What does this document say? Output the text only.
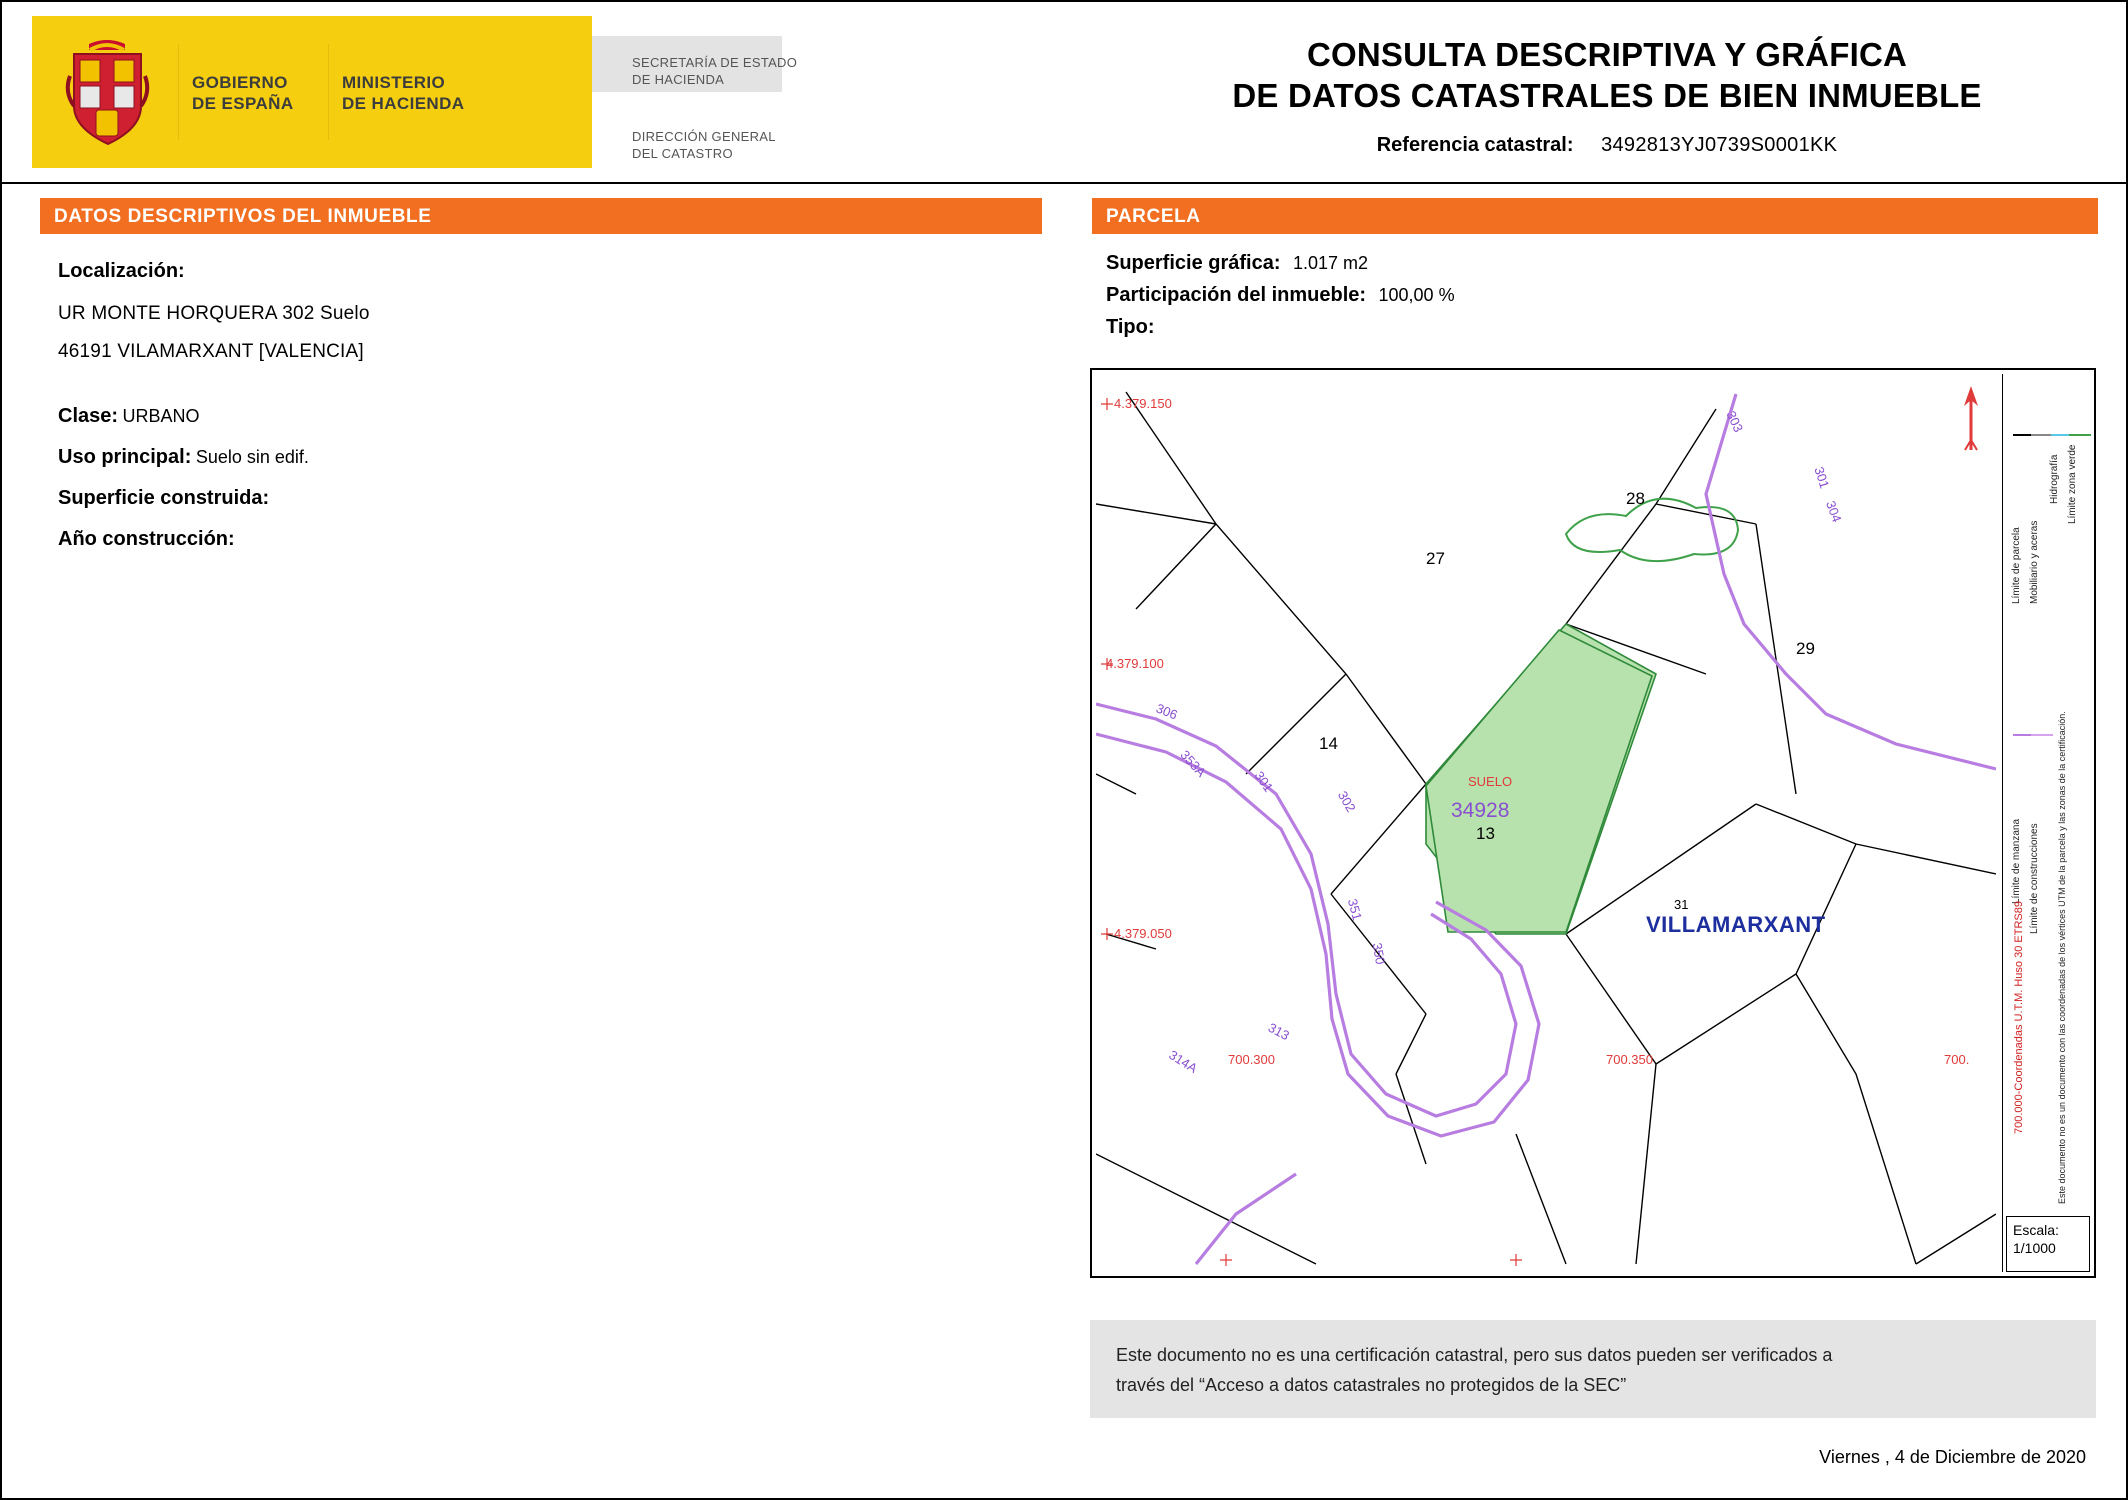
GOBIERNO
DE ESPAÑA
MINISTERIO
DE HACIENDA
SECRETARÍA DE ESTADO
DE HACIENDA
DIRECCIÓN GENERAL
DEL CATASTRO
CONSULTA DESCRIPTIVA Y GRÁFICA
DE DATOS CATASTRALES DE BIEN INMUEBLE
Referencia catastral: 3492813YJ0739S0001KK
DATOS DESCRIPTIVOS DEL INMUEBLE	PARCELA
Localización:
UR MONTE HORQUERA 302 Suelo
46191 VILAMARXANT [VALENCIA]
Clase: URBANO
Uso principal: Suelo sin edif.
Superficie construida:
Año construcción:
Superficie gráfica: 1.017 m2
Participación del inmueble: 100,00 %
Tipo:
27
28
29
14
13
31
SUELO
34928
VILLAMARXANT
303
301
304
306
353A
301
302
351
350
313
314A
4.379.150
4.379.100
4.379.050
700.300	700.350	700.
Límite de parcela Mobiliario y aceras
Hidrografía Límite zona verde
Límite de manzana Límite de construcciones
700.000-Coordenadas U.T.M. Huso 30 ETRS89	Este documento no es un documento con las coordenadas de los vértices UTM de la parcela y las zonas de la certificación.
Escala:
1/1000
Este documento no es una certificación catastral, pero sus datos pueden ser verificados a
través del “Acceso a datos catastrales no protegidos de la SEC”
Viernes , 4 de Diciembre de 2020
